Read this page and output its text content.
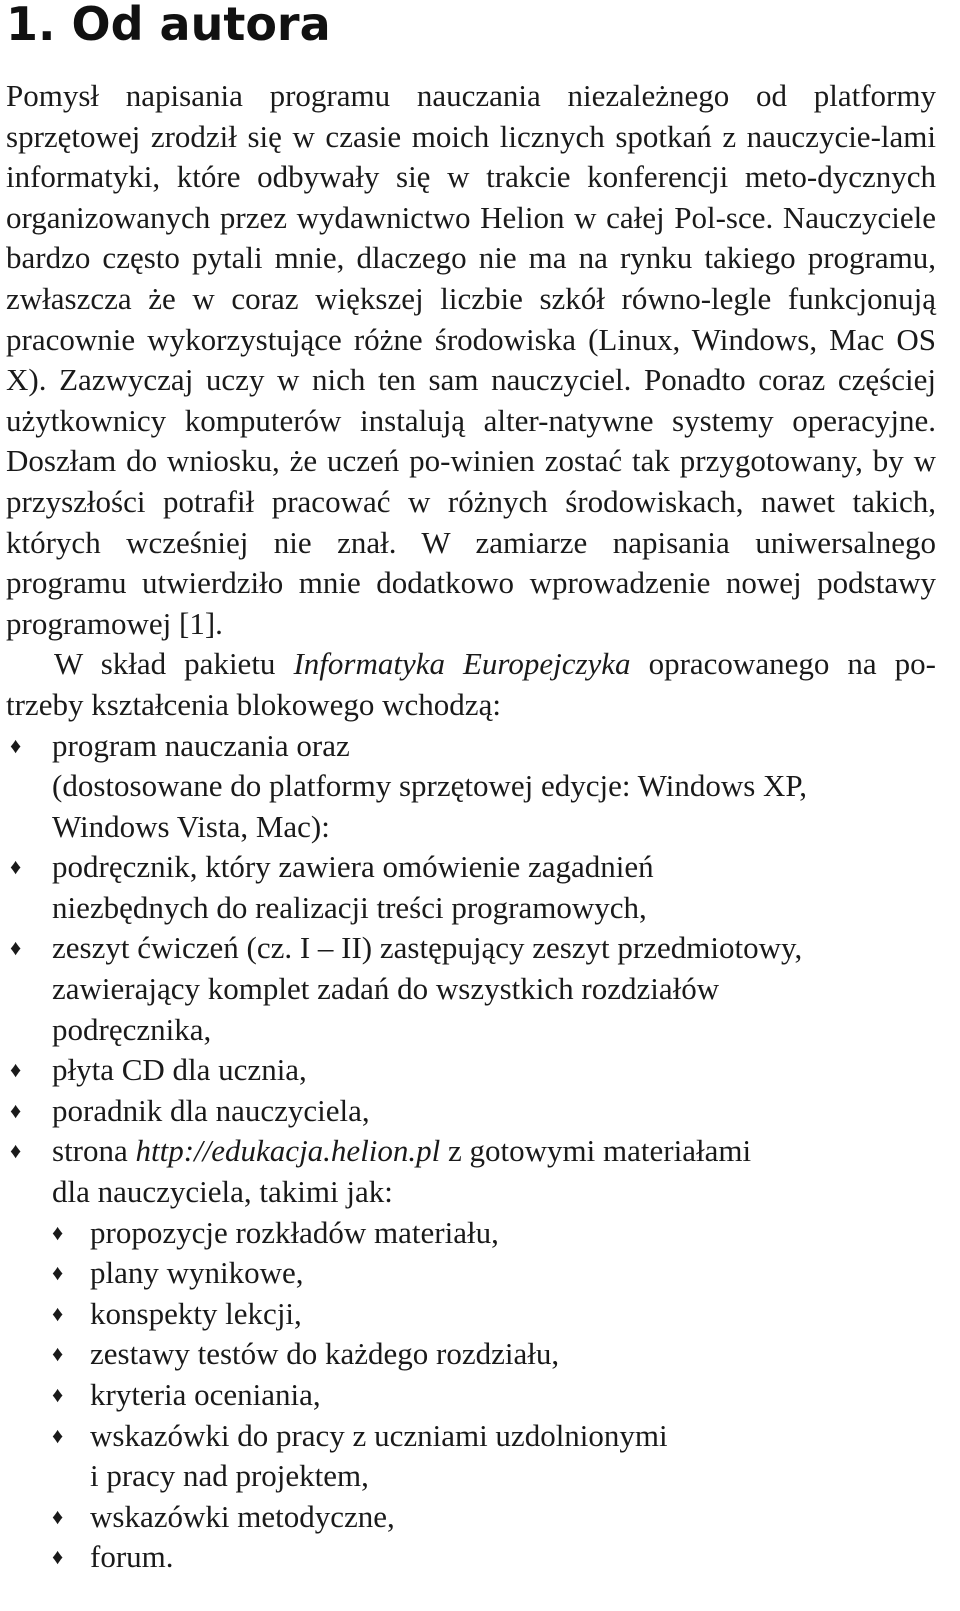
1. Od autora

Pomysł napisania programu nauczania niezależnego od platformy sprzętowej zrodził się w czasie moich licznych spotkań z nauczycie-lami informatyki, które odbywały się w trakcie konferencji meto-dycznych organizowanych przez wydawnictwo Helion w całej Pol-sce. Nauczyciele bardzo często pytali mnie, dlaczego nie ma na rynku takiego programu, zwłaszcza że w coraz większej liczbie szkół równo-legle funkcjonują pracownie wykorzystujące różne środowiska (Linux, Windows, Mac OS X). Zazwyczaj uczy w nich ten sam nauczyciel. Ponadto coraz częściej użytkownicy komputerów instalują alter-natywne systemy operacyjne. Doszłam do wniosku, że uczeń po-winien zostać tak przygotowany, by w przyszłości potrafił pracować w różnych środowiskach, nawet takich, których wcześniej nie znał. W zamiarze napisania uniwersalnego programu utwierdziło mnie dodatkowo wprowadzenie nowej podstawy programowej [1].

W skład pakietu Informatyka Europejczyka opracowanego na po-trzeby kształcenia blokowego wchodzą:

♦ program nauczania oraz
(dostosowane do platformy sprzętowej edycje: Windows XP,
Windows Vista, Mac):
♦ podręcznik, który zawiera omówienie zagadnień
niezbędnych do realizacji treści programowych,
♦ zeszyt ćwiczeń (cz. I – II) zastępujący zeszyt przedmiotowy,
zawierający komplet zadań do wszystkich rozdziałów
podręcznika,
♦ płyta CD dla ucznia,
♦ poradnik dla nauczyciela,
♦ strona http://edukacja.helion.pl z gotowymi materiałami
dla nauczyciela, takimi jak:
♦ propozycje rozkładów materiału,
♦ plany wynikowe,
♦ konspekty lekcji,
♦ zestawy testów do każdego rozdziału,
♦ kryteria oceniania,
♦ wskazówki do pracy z uczniami uzdolnionymi
i pracy nad projektem,
♦ wskazówki metodyczne,
♦ forum.
